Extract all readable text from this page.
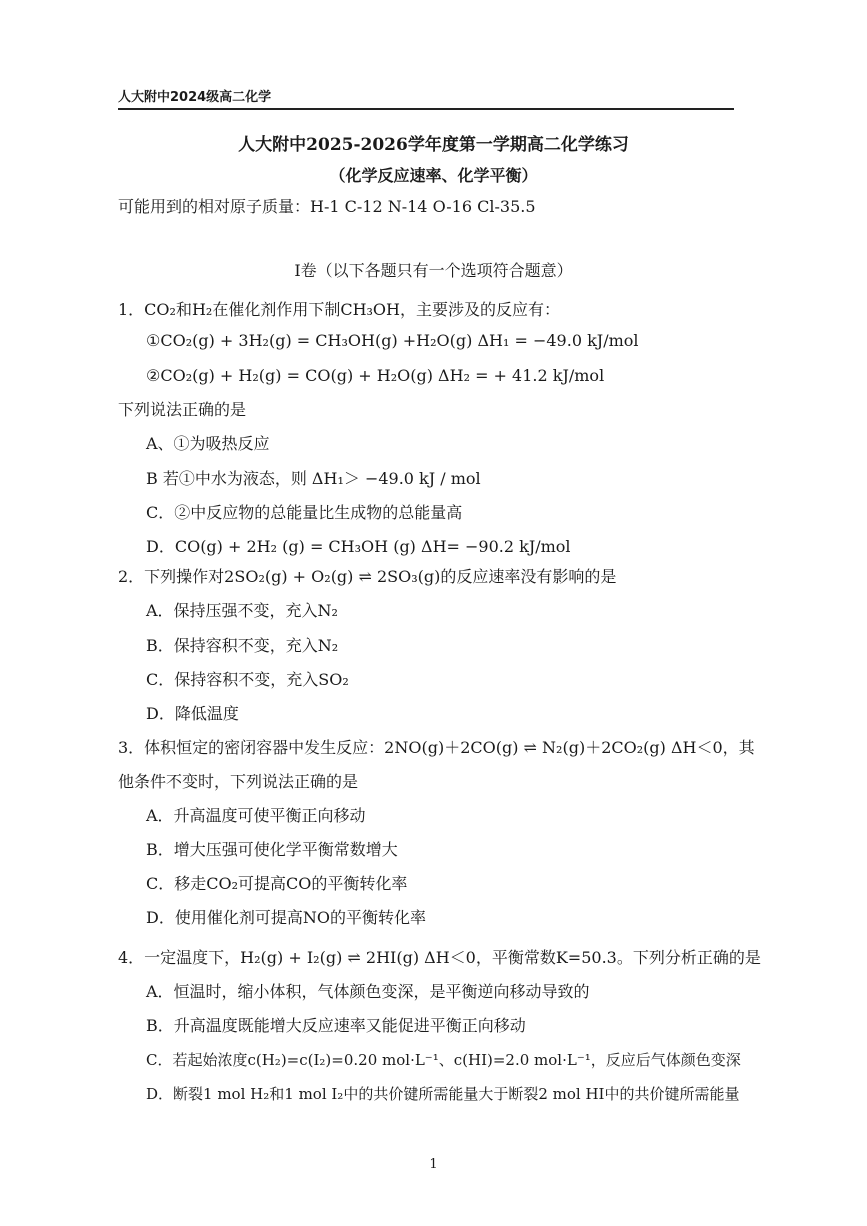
人大附中2024级高二化学
人大附中2025-2026学年度第一学期高二化学练习
（化学反应速率、化学平衡）
可能用到的相对原子质量：H-1 C-12 N-14 O-16 Cl-35.5
I卷（以下各题只有一个选项符合题意）
1．CO₂和H₂在催化剂作用下制CH₃OH，主要涉及的反应有：
①CO₂(g) + 3H₂(g) = CH₃OH(g) +H₂O(g) ΔH₁ = −49.0 kJ/mol
②CO₂(g) + H₂(g) = CO(g) + H₂O(g) ΔH₂ = + 41.2 kJ/mol
下列说法正确的是
A、①为吸热反应
B 若①中水为液态，则 ΔH₁＞ −49.0 kJ / mol
C．②中反应物的总能量比生成物的总能量高
D．CO(g) + 2H₂ (g) = CH₃OH (g) ΔH= −90.2 kJ/mol
2．下列操作对2SO₂(g) + O₂(g) ⇌ 2SO₃(g)的反应速率没有影响的是
A．保持压强不变，充入N₂
B．保持容积不变，充入N₂
C．保持容积不变，充入SO₂
D．降低温度
3．体积恒定的密闭容器中发生反应：2NO(g)＋2CO(g) ⇌ N₂(g)＋2CO₂(g) ΔH＜0，其
他条件不变时，下列说法正确的是
A．升高温度可使平衡正向移动
B．增大压强可使化学平衡常数增大
C．移走CO₂可提高CO的平衡转化率
D．使用催化剂可提高NO的平衡转化率
4．一定温度下，H₂(g) + I₂(g) ⇌ 2HI(g) ΔH＜0，平衡常数K=50.3。下列分析正确的是
A．恒温时，缩小体积，气体颜色变深，是平衡逆向移动导致的
B．升高温度既能增大反应速率又能促进平衡正向移动
C．若起始浓度c(H₂)=c(I₂)=0.20 mol·L⁻¹、c(HI)=2.0 mol·L⁻¹，反应后气体颜色变深
D．断裂1 mol H₂和1 mol I₂中的共价键所需能量大于断裂2 mol HI中的共价键所需能量
1
